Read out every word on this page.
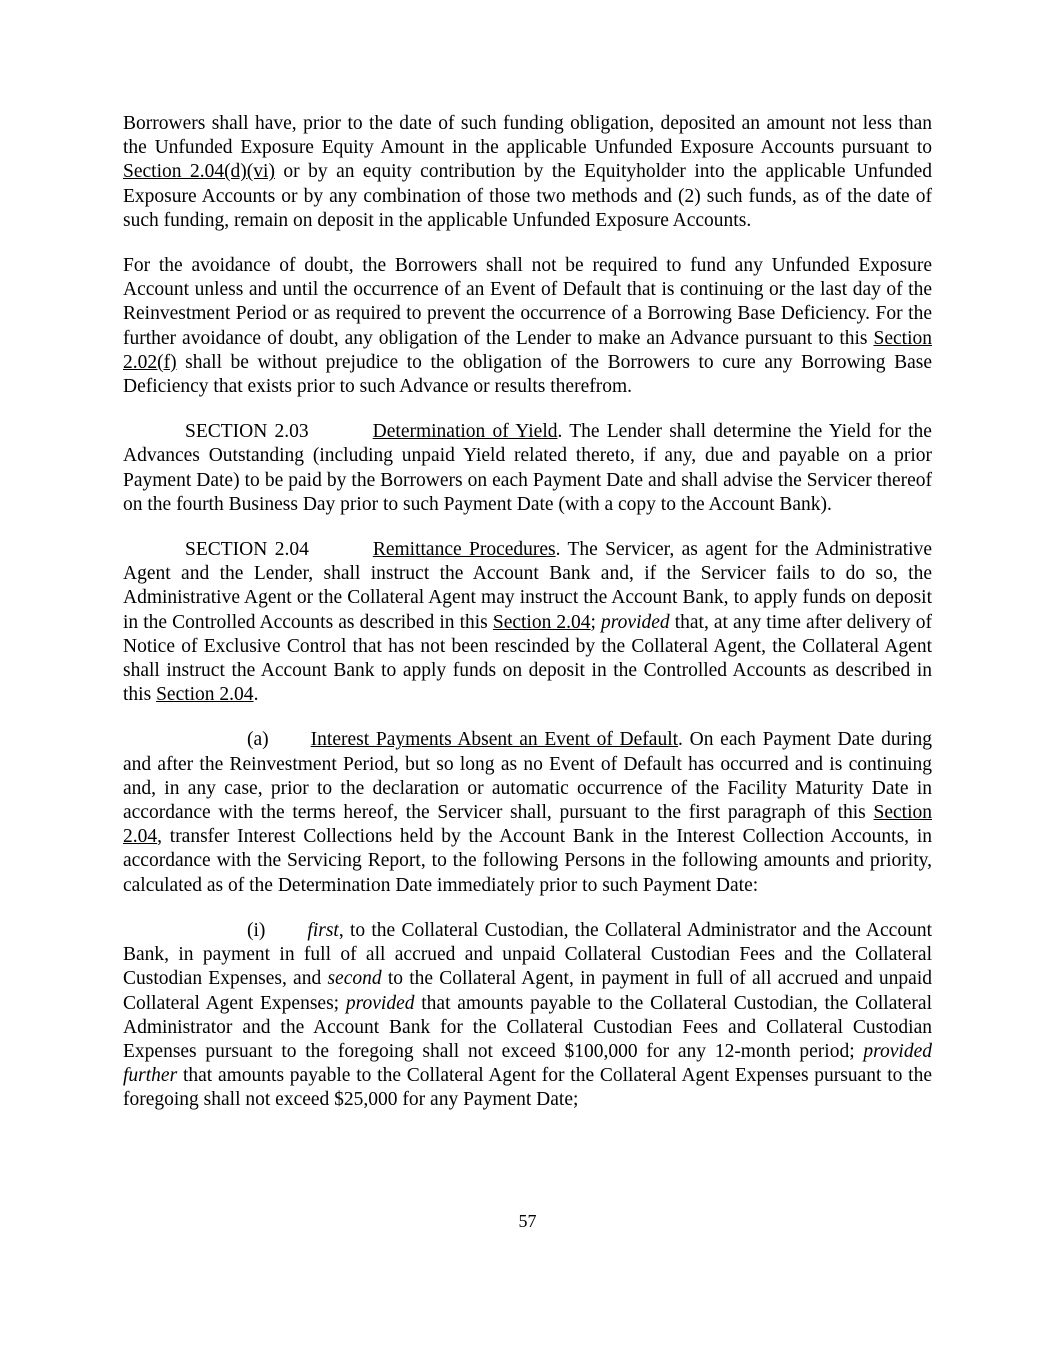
Borrowers shall have, prior to the date of such funding obligation, deposited an amount not less than the Unfunded Exposure Equity Amount in the applicable Unfunded Exposure Accounts pursuant to Section 2.04(d)(vi) or by an equity contribution by the Equityholder into the applicable Unfunded Exposure Accounts or by any combination of those two methods and (2) such funds, as of the date of such funding, remain on deposit in the applicable Unfunded Exposure Accounts.

For the avoidance of doubt, the Borrowers shall not be required to fund any Unfunded Exposure Account unless and until the occurrence of an Event of Default that is continuing or the last day of the Reinvestment Period or as required to prevent the occurrence of a Borrowing Base Deficiency. For the further avoidance of doubt, any obligation of the Lender to make an Advance pursuant to this Section 2.02(f) shall be without prejudice to the obligation of the Borrowers to cure any Borrowing Base Deficiency that exists prior to such Advance or results therefrom.

SECTION 2.03	Determination of Yield. The Lender shall determine the Yield for the Advances Outstanding (including unpaid Yield related thereto, if any, due and payable on a prior Payment Date) to be paid by the Borrowers on each Payment Date and shall advise the Servicer thereof on the fourth Business Day prior to such Payment Date (with a copy to the Account Bank).

SECTION 2.04	Remittance Procedures. The Servicer, as agent for the Administrative Agent and the Lender, shall instruct the Account Bank and, if the Servicer fails to do so, the Administrative Agent or the Collateral Agent may instruct the Account Bank, to apply funds on deposit in the Controlled Accounts as described in this Section 2.04; provided that, at any time after delivery of Notice of Exclusive Control that has not been rescinded by the Collateral Agent, the Collateral Agent shall instruct the Account Bank to apply funds on deposit in the Controlled Accounts as described in this Section 2.04.

(a) Interest Payments Absent an Event of Default. On each Payment Date during and after the Reinvestment Period, but so long as no Event of Default has occurred and is continuing and, in any case, prior to the declaration or automatic occurrence of the Facility Maturity Date in accordance with the terms hereof, the Servicer shall, pursuant to the first paragraph of this Section 2.04, transfer Interest Collections held by the Account Bank in the Interest Collection Accounts, in accordance with the Servicing Report, to the following Persons in the following amounts and priority, calculated as of the Determination Date immediately prior to such Payment Date:

(i) first, to the Collateral Custodian, the Collateral Administrator and the Account Bank, in payment in full of all accrued and unpaid Collateral Custodian Fees and the Collateral Custodian Expenses, and second to the Collateral Agent, in payment in full of all accrued and unpaid Collateral Agent Expenses; provided that amounts payable to the Collateral Custodian, the Collateral Administrator and the Account Bank for the Collateral Custodian Fees and Collateral Custodian Expenses pursuant to the foregoing shall not exceed $100,000 for any 12-month period; provided further that amounts payable to the Collateral Agent for the Collateral Agent Expenses pursuant to the foregoing shall not exceed $25,000 for any Payment Date;

57
